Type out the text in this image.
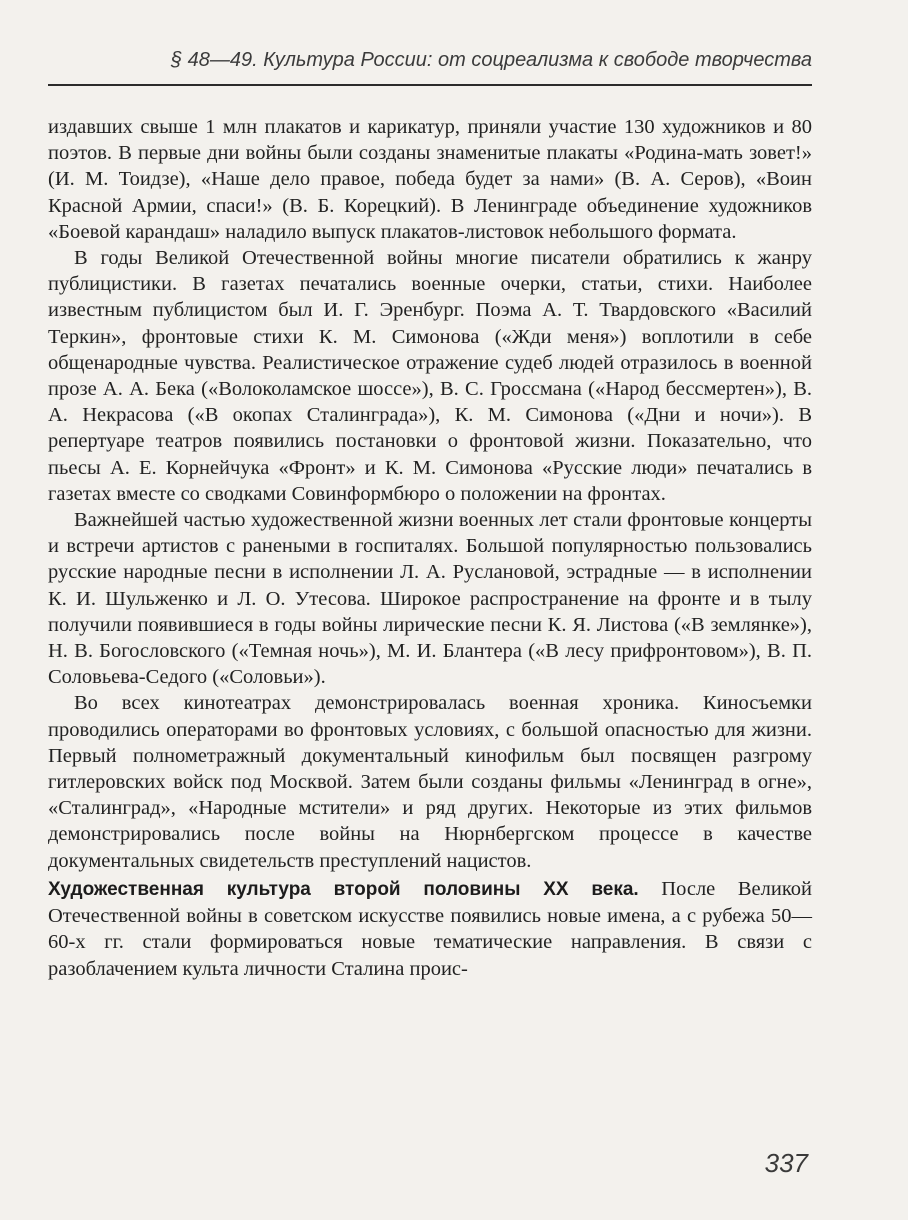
§ 48—49. Культура России: от соцреализма к свободе творчества

издавших свыше 1 млн плакатов и карикатур, приняли участие 130 художников и 80 поэтов. В первые дни войны были созданы знаменитые плакаты «Родина-мать зовет!» (И. М. Тоидзе), «Наше дело правое, победа будет за нами» (В. А. Серов), «Воин Красной Армии, спаси!» (В. Б. Корецкий). В Ленинграде объединение художников «Боевой карандаш» наладило выпуск плакатов-листовок небольшого формата.

В годы Великой Отечественной войны многие писатели обратились к жанру публицистики. В газетах печатались военные очерки, статьи, стихи. Наиболее известным публицистом был И. Г. Эренбург. Поэма А. Т. Твардовского «Василий Теркин», фронтовые стихи К. М. Симонова («Жди меня») воплотили в себе общенародные чувства. Реалистическое отражение судеб людей отразилось в военной прозе А. А. Бека («Волоколамское шоссе»), В. С. Гроссмана («Народ бессмертен»), В. А. Некрасова («В окопах Сталинграда»), К. М. Симонова («Дни и ночи»). В репертуаре театров появились постановки о фронтовой жизни. Показательно, что пьесы А. Е. Корнейчука «Фронт» и К. М. Симонова «Русские люди» печатались в газетах вместе со сводками Совинформбюро о положении на фронтах.

Важнейшей частью художественной жизни военных лет стали фронтовые концерты и встречи артистов с ранеными в госпиталях. Большой популярностью пользовались русские народные песни в исполнении Л. А. Руслановой, эстрадные — в исполнении К. И. Шульженко и Л. О. Утесова. Широкое распространение на фронте и в тылу получили появившиеся в годы войны лирические песни К. Я. Листова («В землянке»), Н. В. Богословского («Темная ночь»), М. И. Блантера («В лесу прифронтовом»), В. П. Соловьева-Седого («Соловьи»).

Во всех кинотеатрах демонстрировалась военная хроника. Киносъемки проводились операторами во фронтовых условиях, с большой опасностью для жизни. Первый полнометражный документальный кинофильм был посвящен разгрому гитлеровских войск под Москвой. Затем были созданы фильмы «Ленинград в огне», «Сталинград», «Народные мстители» и ряд других. Некоторые из этих фильмов демонстрировались после войны на Нюрнбергском процессе в качестве документальных свидетельств преступлений нацистов.

Художественная культура второй половины XX века. После Великой Отечественной войны в советском искусстве появились новые имена, а с рубежа 50—60-х гг. стали формироваться новые тематические направления. В связи с разоблачением культа личности Сталина проис-

337
